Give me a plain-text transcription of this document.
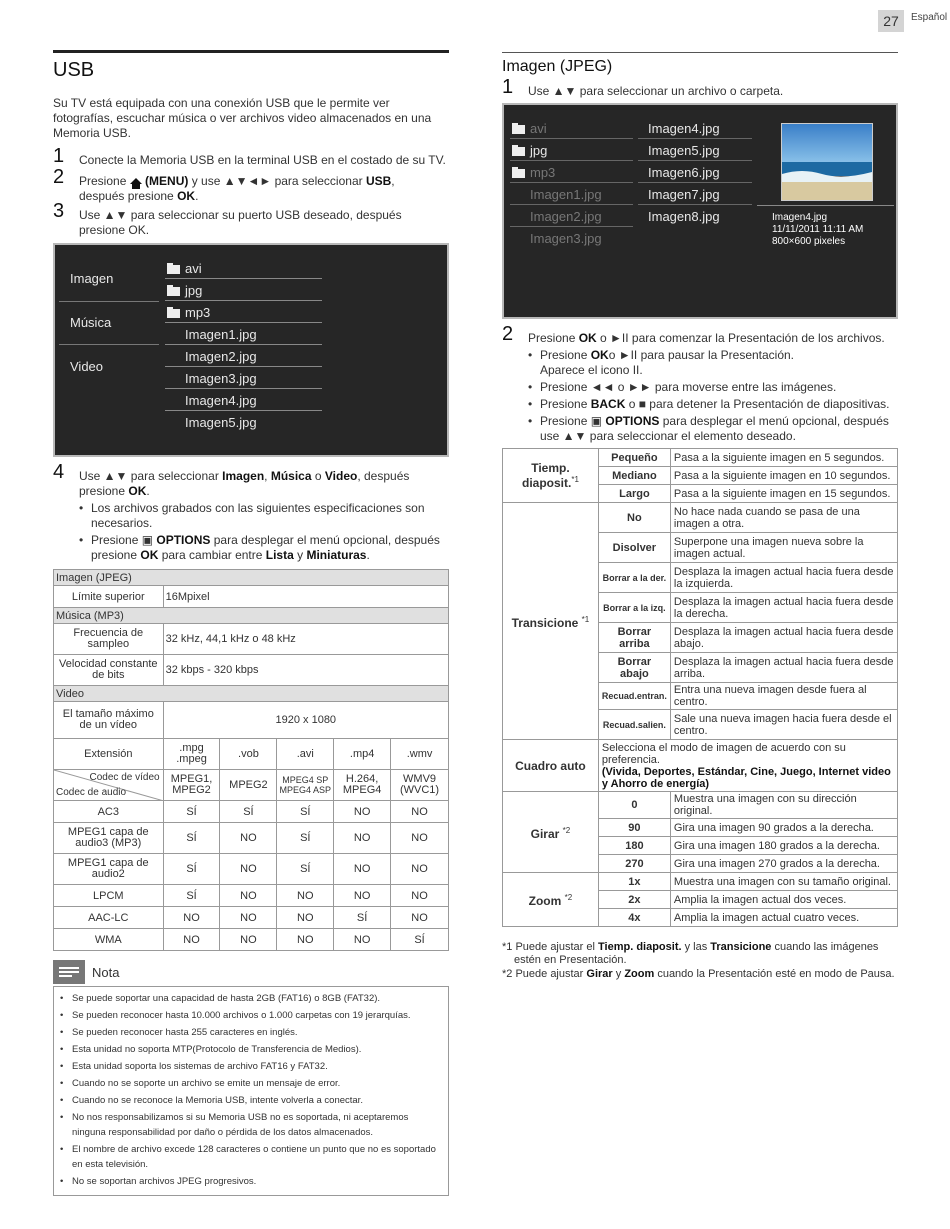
27	Español
USB

Su TV está equipada con una conexión USB que le permite ver fotografías, escuchar música o ver archivos video almacenados en una Memoria USB.

1 Conecte la Memoria USB en la terminal USB en el costado de su TV.
2 Presione  (MENU) y use ▲▼◄► para seleccionar USB,
después presione OK.
3 Use ▲▼ para seleccionar su puerto USB deseado, después presione OK.
Imagen
Música
Video
avi
jpg
mp3
Imagen1.jpg
Imagen2.jpg
Imagen3.jpg
Imagen4.jpg
Imagen5.jpg
4 Use ▲▼ para seleccionar Imagen, Música o Video, después presione OK.
• Los archivos grabados con las siguientes especificaciones son necesarios.
• Presione ▣ OPTIONS para desplegar el menú opcional, después presione OK para cambiar entre Lista y Miniaturas.
Imagen (JPEG)					
Límite superior	16Mpixel				
Música (MP3)					
Frecuencia de sampleo	32 kHz, 44,1 kHz o 48 kHz				
Velocidad constante de bits	32 kbps - 320 kbps				
Video					
El tamaño máximo de un vídeo	1920 x 1080				
Extensión	.mpg .mpeg	.vob	.avi	.mp4	.wmv

Codec de vídeo
Codec de audio	MPEG1, MPEG2	MPEG2	MPEG4 SP MPEG4 ASP	H.264, MPEG4	WMV9 (WVC1)
AC3	SÍ	SÍ	SÍ	NO	NO
MPEG1 capa de audio3 (MP3)	SÍ	NO	SÍ	NO	NO
MPEG1 capa de audio2	SÍ	NO	SÍ	NO	NO
LPCM	SÍ	NO	NO	NO	NO
AAC-LC	NO	NO	NO	SÍ	NO
WMA	NO	NO	NO	NO	SÍ
Nota
• Se puede soportar una capacidad de hasta 2GB (FAT16) o 8GB (FAT32).
• Se pueden reconocer hasta 10.000 archivos o 1.000 carpetas con 19 jerarquías.
• Se pueden reconocer hasta 255 caracteres en inglés.
• Esta unidad no soporta MTP(Protocolo de Transferencia de Medios).
• Esta unidad soporta los sistemas de archivo FAT16 y FAT32.
• Cuando no se soporte un archivo se emite un mensaje de error.
• Cuando no se reconoce la Memoria USB, intente volverla a conectar.
• No nos responsabilizamos si su Memoria USB no es soportada, ni aceptaremos ninguna responsabilidad por daño o pérdida de los datos almacenados.
• El nombre de archivo excede 128 caracteres o contiene un punto que no es soportado en esta televisión.
• No se soportan archivos JPEG progresivos.
Imagen (JPEG)
1 Use ▲▼ para seleccionar un archivo o carpeta.
avi
jpg
mp3
Imagen1.jpg
Imagen2.jpg
Imagen3.jpg
Imagen4.jpg
Imagen5.jpg
Imagen6.jpg
Imagen7.jpg
Imagen8.jpg	Imagen4.jpg
11/11/2011 11:11 AM
800×600 pixeles
2 Presione OK o ►II para comenzar la Presentación de los archivos.
• Presione OKo ►II para pausar la Presentación.
Aparece el icono II.
• Presione ◄◄ o ►► para moverse entre las imágenes.
• Presione BACK o ■ para detener la Presentación de diapositivas.
• Presione ▣ OPTIONS para desplegar el menú opcional, después use ▲▼ para seleccionar el elemento deseado.
Tiemp. diaposit.$^{*1}$	Pequeño	Pasa a la siguiente imagen en 5 segundos.
	Mediano	Pasa a la siguiente imagen en 10 segundos.
	Largo	Pasa a la siguiente imagen en 15 segundos.
Transicione $^{*1}$	No	No hace nada cuando se pasa de una imagen a otra.
	Disolver	Superpone una imagen nueva sobre la imagen actual.
	Borrar a la der.	Desplaza la imagen actual hacia fuera desde la izquierda.
	Borrar a la izq.	Desplaza la imagen actual hacia fuera desde la derecha.
	Borrar arriba	Desplaza la imagen actual hacia fuera desde abajo.
	Borrar abajo	Desplaza la imagen actual hacia fuera desde arriba.
	Recuad.entran.	Entra una nueva imagen desde fuera al centro.
	Recuad.salien.	Sale una nueva imagen hacia fuera desde el centro.
Cuadro auto	Selecciona el modo de imagen de acuerdo con su preferencia.
(Vivida, Deportes, Estándar, Cine, Juego, Internet video y Ahorro de energía)	
Girar $^{*2}$	0	Muestra una imagen con su dirección original.
	90	Gira una imagen 90 grados a la derecha.
	180	Gira una imagen 180 grados a la derecha.
	270	Gira una imagen 270 grados a la derecha.
Zoom $^{*2}$	1x	Muestra una imagen con su tamaño original.
	2x	Amplia la imagen actual dos veces.
	4x	Amplia la imagen actual cuatro veces.
*1 Puede ajustar el Tiemp. diaposit. y las Transicione cuando las imágenes estén en Presentación.
*2 Puede ajustar Girar y Zoom cuando la Presentación esté en modo de Pausa.
